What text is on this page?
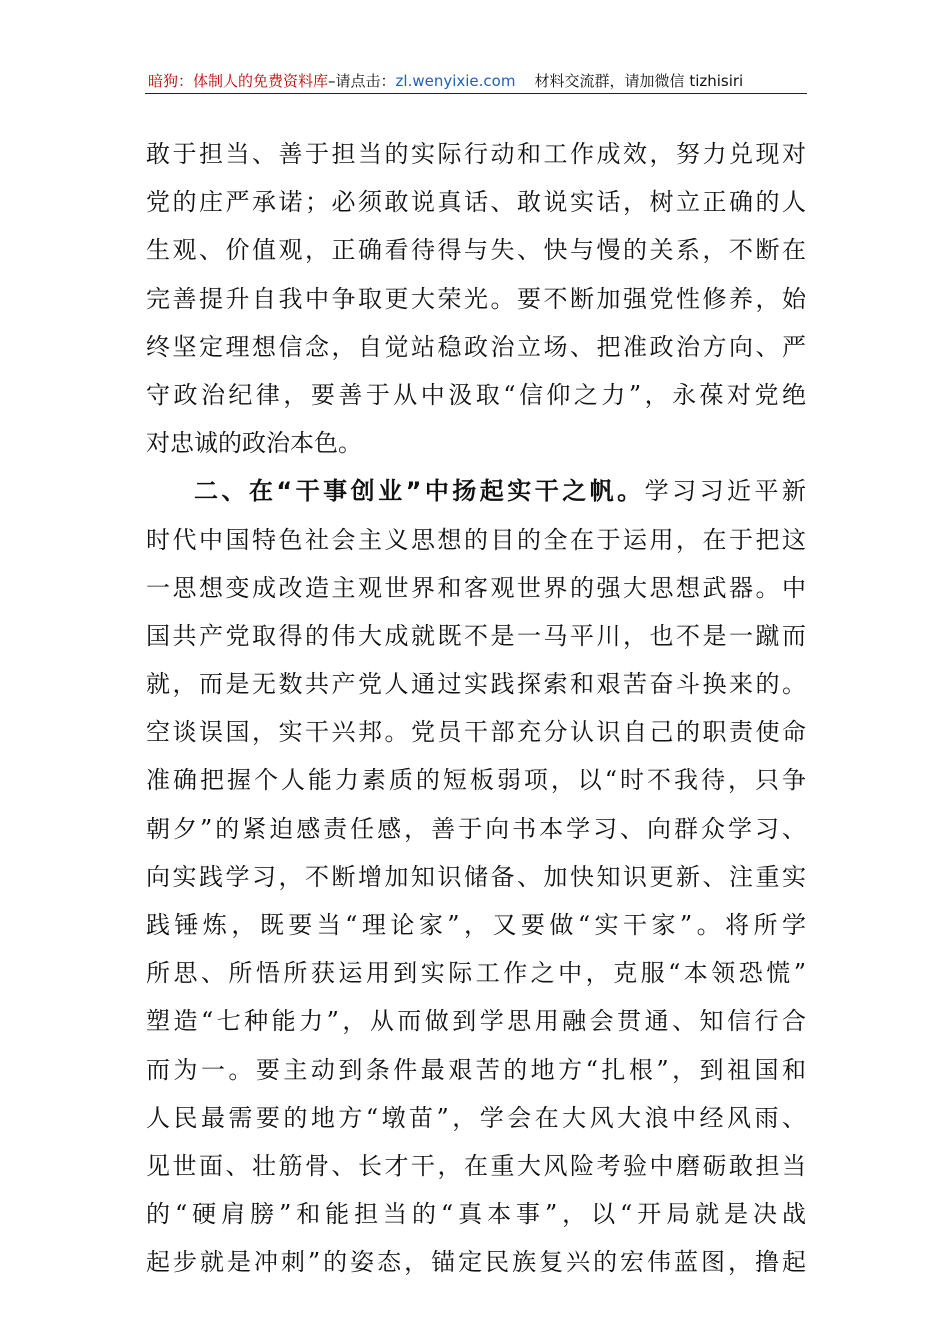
暗狗：体制人的免费资料库–请点击：zl.wenyixie.com 材料交流群，请加微信 tizhisiri
敢于担当、善于担当的实际行动和工作成效，努力兑现对
党的庄严承诺；必须敢说真话、敢说实话，树立正确的人
生观、价值观，正确看待得与失、快与慢的关系，不断在
完善提升自我中争取更大荣光。要不断加强党性修养，始
终坚定理想信念，自觉站稳政治立场、把准政治方向、严
守政治纪律，要善于从中汲取“信仰之力”，永葆对党绝
对忠诚的政治本色。
二、在“干事创业”中扬起实干之帆。学习习近平新
时代中国特色社会主义思想的目的全在于运用，在于把这
一思想变成改造主观世界和客观世界的强大思想武器。中
国共产党取得的伟大成就既不是一马平川，也不是一蹴而
就，而是无数共产党人通过实践探索和艰苦奋斗换来的。
空谈误国，实干兴邦。党员干部充分认识自己的职责使命
准确把握个人能力素质的短板弱项，以“时不我待，只争
朝夕”的紧迫感责任感，善于向书本学习、向群众学习、
向实践学习，不断增加知识储备、加快知识更新、注重实
践锤炼，既要当“理论家”，又要做“实干家”。将所学
所思、所悟所获运用到实际工作之中，克服“本领恐慌”
塑造“七种能力”，从而做到学思用融会贯通、知信行合
而为一。要主动到条件最艰苦的地方“扎根”，到祖国和
人民最需要的地方“墩苗”，学会在大风大浪中经风雨、
见世面、壮筋骨、长才干，在重大风险考验中磨砺敢担当
的“硬肩膀”和能担当的“真本事”，以“开局就是决战
起步就是冲刺”的姿态，锚定民族复兴的宏伟蓝图，撸起
